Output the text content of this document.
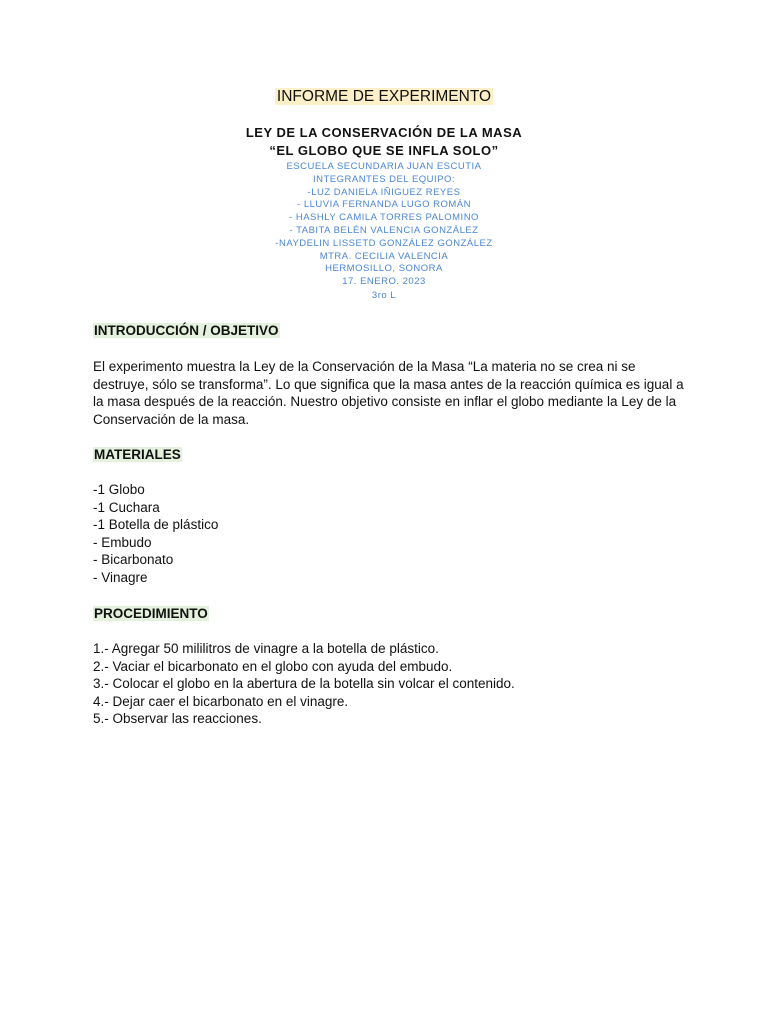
INFORME DE EXPERIMENTO
LEY DE LA CONSERVACIÓN DE LA MASA
“EL GLOBO QUE SE INFLA SOLO”
ESCUELA SECUNDARIA JUAN ESCUTIA
INTEGRANTES DEL EQUIPO:
-LUZ DANIELA IÑIGUEZ REYES
- LLUVIA FERNANDA LUGO ROMÁN
- HASHLY CAMILA TORRES PALOMINO
- TABITA BELÉN VALENCIA GONZÁLEZ
-NAYDELIN LISSETD GONZÁLEZ GONZÁLEZ
MTRA. CECILIA VALENCIA
HERMOSILLO, SONORA
17. ENERO. 2023
3ro L
INTRODUCCIÓN / OBJETIVO

El experimento muestra la Ley de la Conservación de la Masa “La materia no se crea ni se destruye, sólo se transforma”. Lo que significa que la masa antes de la reacción química es igual a la masa después de la reacción. Nuestro objetivo consiste en inflar el globo mediante la Ley de la Conservación de la masa.

MATERIALES
-1 Globo
-1 Cuchara
-1 Botella de plástico
- Embudo
- Bicarbonato
- Vinagre
PROCEDIMIENTO
1.- Agregar 50 mililitros de vinagre a la botella de plástico.
2.- Vaciar el bicarbonato en el globo con ayuda del embudo.
3.- Colocar el globo en la abertura de la botella sin volcar el contenido.
4.- Dejar caer el bicarbonato en el vinagre.
5.- Observar las reacciones.
